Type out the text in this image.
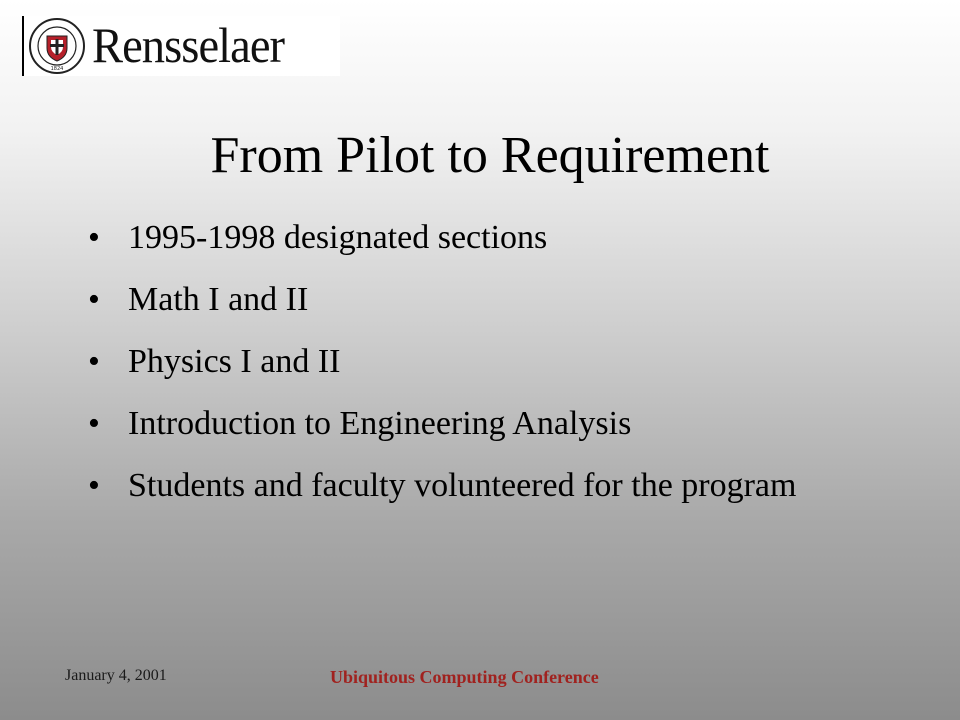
1824 Rensselaer
From Pilot to Requirement
• 1995-1998 designated sections
• Math I and II
• Physics I and II
• Introduction to Engineering Analysis
• Students and faculty volunteered for the program
January 4, 2001	Ubiquitous Computing Conference
